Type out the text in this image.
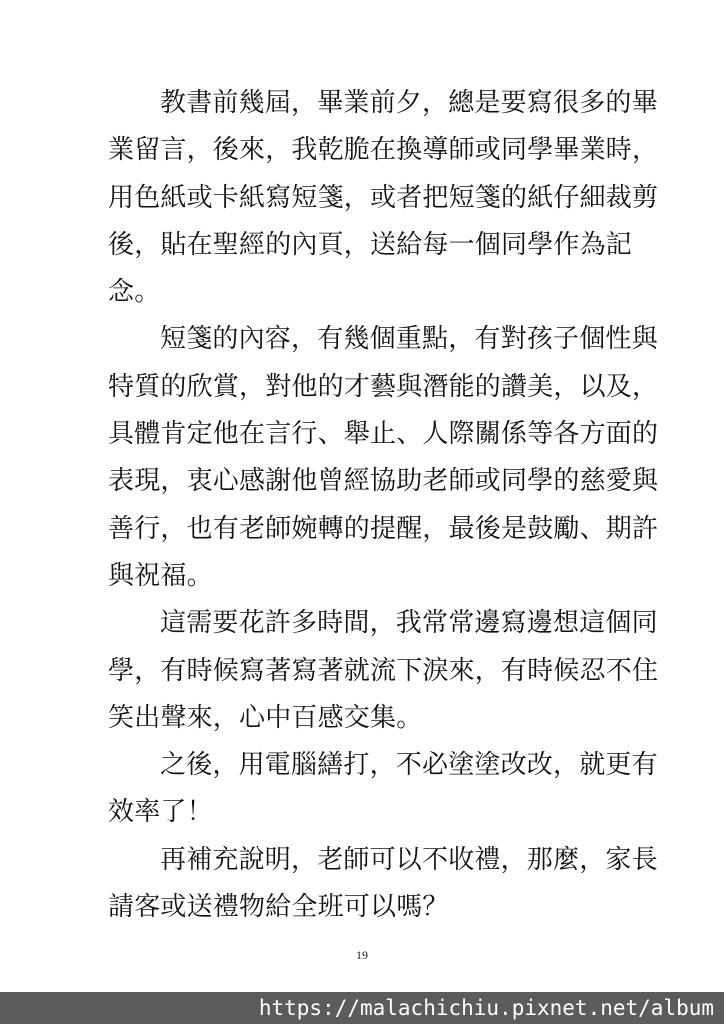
教書前幾屆，畢業前夕，總是要寫很多的畢
業留言，後來，我乾脆在換導師或同學畢業時，
用色紙或卡紙寫短箋，或者把短箋的紙仔細裁剪
後，貼在聖經的內頁，送給每一個同學作為記
念。
短箋的內容，有幾個重點，有對孩子個性與
特質的欣賞，對他的才藝與潛能的讚美，以及，
具體肯定他在言行、舉止、人際關係等各方面的
表現，衷心感謝他曾經協助老師或同學的慈愛與
善行，也有老師婉轉的提醒，最後是鼓勵、期許
與祝福。
這需要花許多時間，我常常邊寫邊想這個同
學，有時候寫著寫著就流下淚來，有時候忍不住
笑出聲來，心中百感交集。
之後，用電腦繕打，不必塗塗改改，就更有
效率了！
再補充說明，老師可以不收禮，那麼，家長
請客或送禮物給全班可以嗎？
19
https://malachichiu.pixnet.net/album
